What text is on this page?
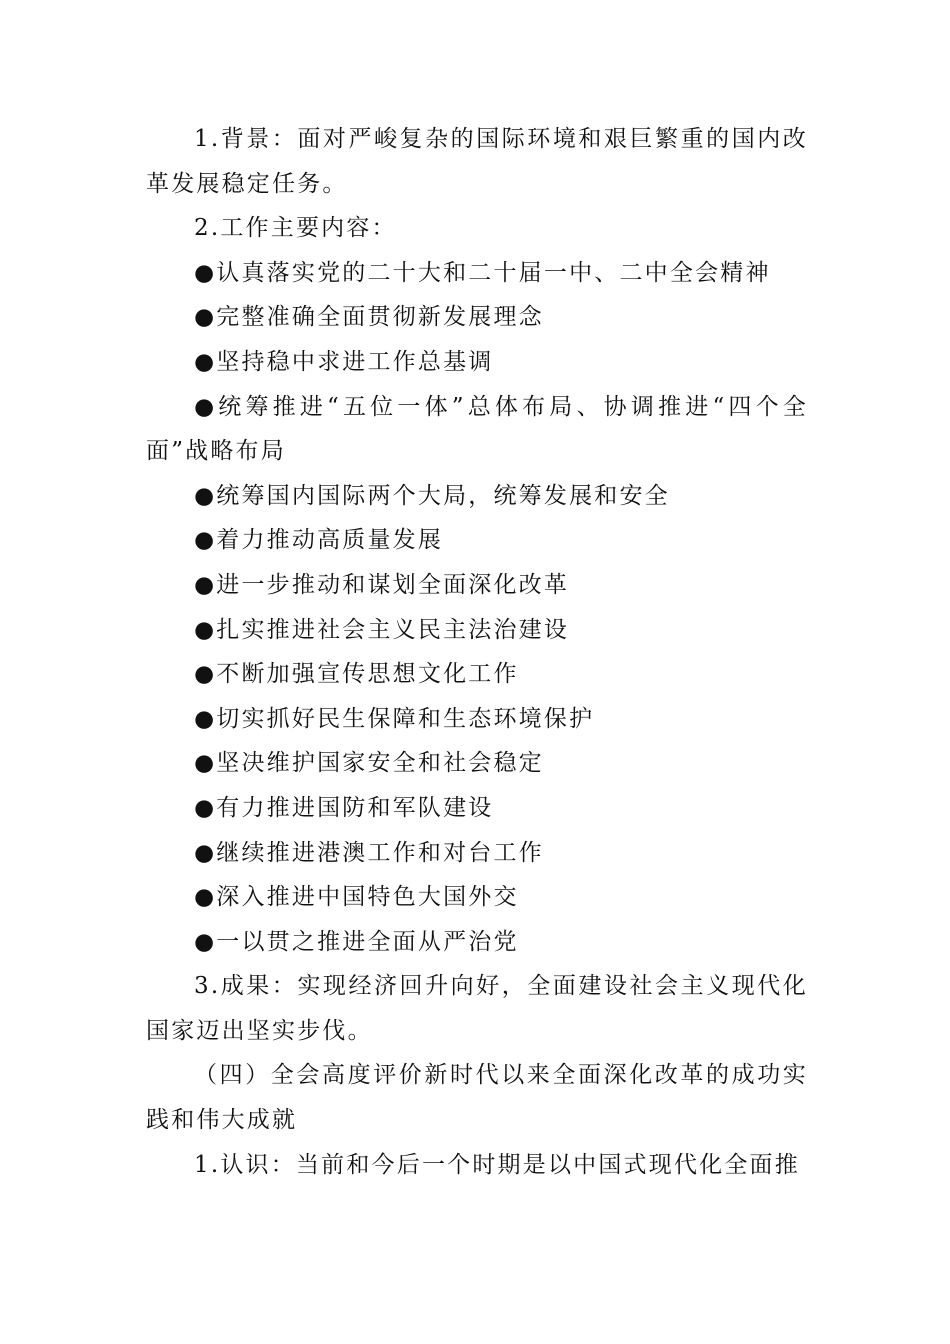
1.背景：面对严峻复杂的国际环境和艰巨繁重的国内改革发展稳定任务。

2.工作主要内容：

●认真落实党的二十大和二十届一中、二中全会精神

●完整准确全面贯彻新发展理念

●坚持稳中求进工作总基调

●统筹推进“五位一体”总体布局、协调推进“四个全面”战略布局

●统筹国内国际两个大局，统筹发展和安全

●着力推动高质量发展

●进一步推动和谋划全面深化改革

●扎实推进社会主义民主法治建设

●不断加强宣传思想文化工作

●切实抓好民生保障和生态环境保护

●坚决维护国家安全和社会稳定

●有力推进国防和军队建设

●继续推进港澳工作和对台工作

●深入推进中国特色大国外交

●一以贯之推进全面从严治党

3.成果：实现经济回升向好，全面建设社会主义现代化国家迈出坚实步伐。

（四）全会高度评价新时代以来全面深化改革的成功实践和伟大成就

1.认识：当前和今后一个时期是以中国式现代化全面推
